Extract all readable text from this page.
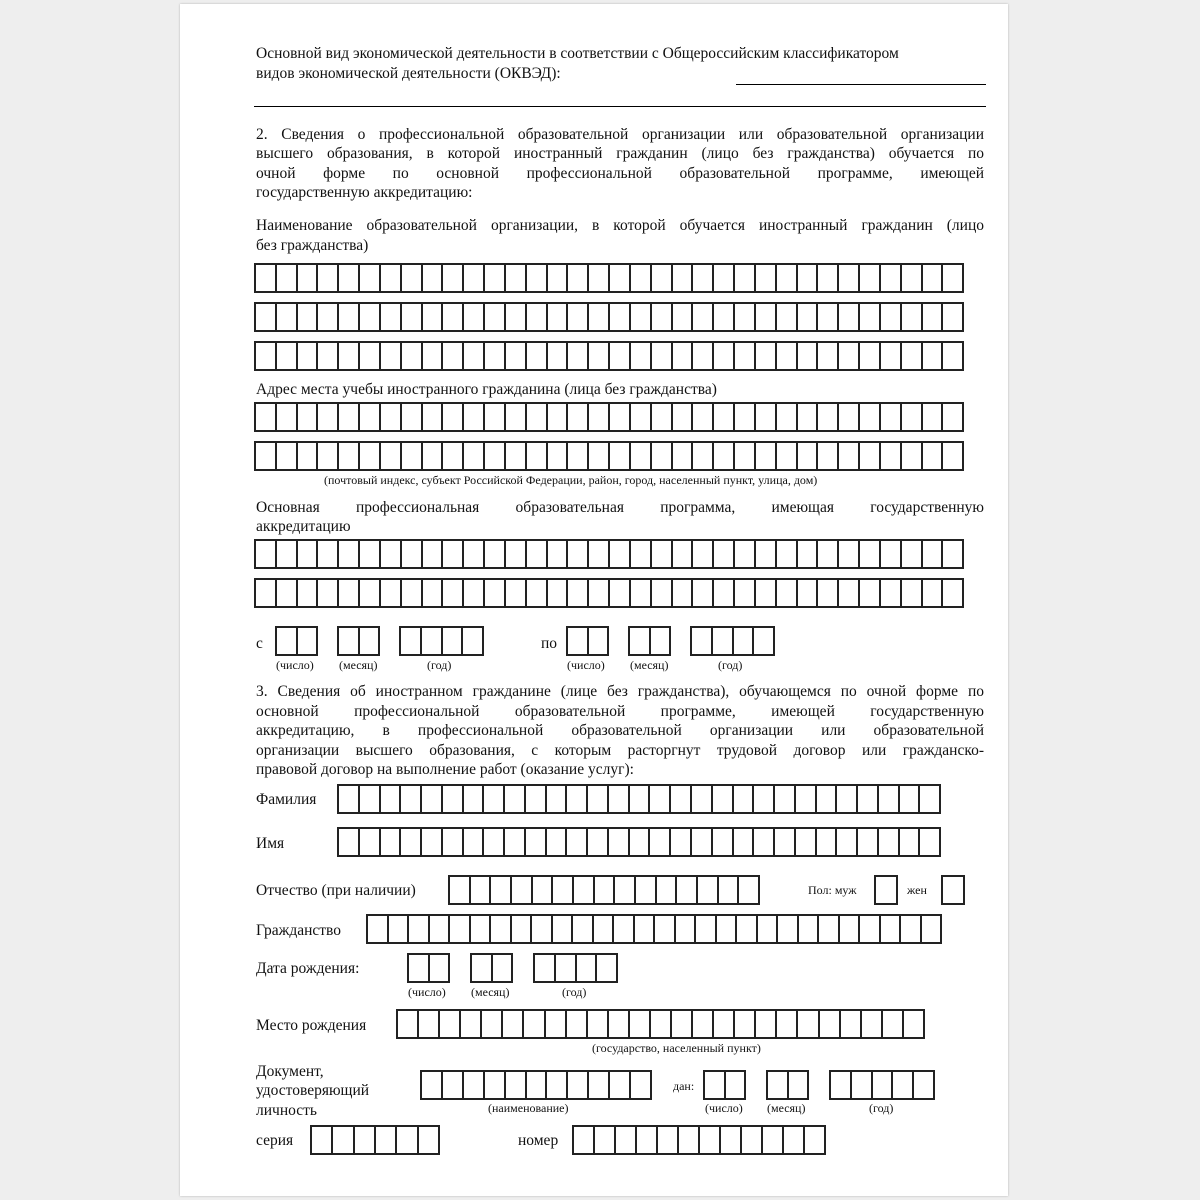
Основной вид экономической деятельности в соответствии с Общероссийским классификатором
видов экономической деятельности (ОКВЭД):
2. Сведения о профессиональной образовательной организации или образовательной организации
высшего образования, в которой иностранный гражданин (лицо без гражданства) обучается по
очной форме по основной профессиональной образовательной программе, имеющей
государственную аккредитацию:
Наименование образовательной организации, в которой обучается иностранный гражданин (лицо
без гражданства)
Адрес места учебы иностранного гражданина (лица без гражданства)
(почтовый индекс, субъект Российской Федерации, район, город, населенный пункт, улица, дом)
Основная профессиональная образовательная программа, имеющая государственную
аккредитацию
с
(число) (месяц)	(год)
по
(число) (месяц)	(год)
3. Сведения об иностранном гражданине (лице без гражданства), обучающемся по очной форме по
основной профессиональной образовательной программе, имеющей государственную
аккредитацию, в профессиональной образовательной организации или образовательной
организации высшего образования, с которым расторгнут трудовой договор или гражданско-
правовой договор на выполнение работ (оказание услуг):
Фамилия
Имя
Отчество (при наличии)	Пол: муж	жен
Гражданство
Дата рождения:
(число) (месяц)	(год)
Место рождения
(государство, населенный пункт)
Документ,
удостоверяющий
личность	(наименование)
дан:
(число) (месяц)	(год)
серия	номер
